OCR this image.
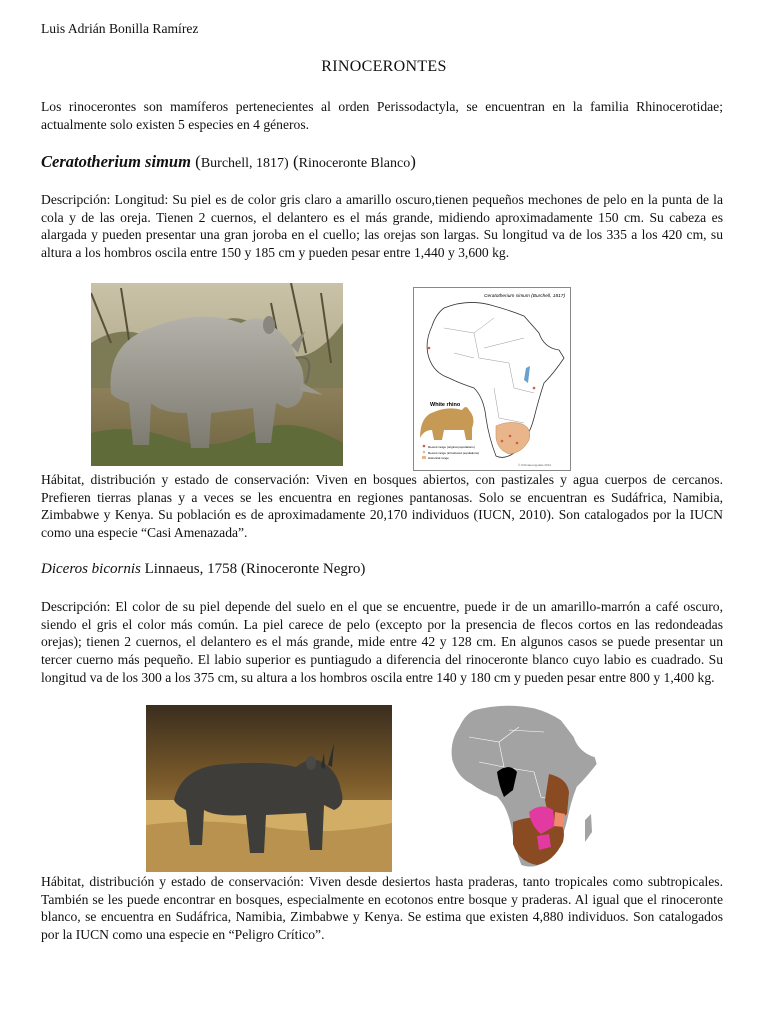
Luis Adrián Bonilla Ramírez
RINOCERONTES

Los rinocerontes son mamíferos pertenecientes al orden Perissodactyla, se encuentran en la familia Rhinocerotidae; actualmente solo existen 5 especies en 4 géneros.

Ceratotherium simum (Burchell, 1817) (Rinoceronte Blanco)

Descripción: Longitud: Su piel es de color gris claro a amarillo oscuro,tienen pequeños mechones de pelo en la punta de la cola y de las oreja. Tienen 2 cuernos, el delantero es el más grande, midiendo aproximadamente 150 cm. Su cabeza es alargada y pueden presentar una gran joroba en el cuello; las orejas son largas. Su longitud va de los 335 a los 420 cm, su altura a los hombros oscila entre 150 y 185 cm y pueden pesar entre 1,440 y 3,600 kg.

Ceratotherium simum (Burchell, 1817)
White rhino
Recent range (original populations)
Recent range (introduced populations)
Historical range
© Ultimateungulate 2012

Hábitat, distribución y estado de conservación: Viven en bosques abiertos, con pastizales y agua cuerpos de cercanos. Prefieren tierras planas y a veces se les encuentra en regiones pantanosas. Solo se encuentran es Sudáfrica, Namibia, Zimbabwe y Kenya. Su población es de aproximadamente 20,170 individuos (IUCN, 2010). Son catalogados por la IUCN como una especie “Casi Amenazada”.

Diceros bicornis Linnaeus, 1758 (Rinoceronte Negro)

Descripción: El color de su piel depende del suelo en el que se encuentre, puede ir de un amarillo-marrón a café oscuro, siendo el gris el color más común. La piel carece de pelo (excepto por la presencia de flecos cortos en las redondeadas orejas); tienen 2 cuernos, el delantero es el más grande, mide entre 42 y 128 cm. En algunos casos se puede presentar un tercer cuerno más pequeño. El labio superior es puntiagudo a diferencia del rinoceronte blanco cuyo labio es cuadrado. Su longitud va de los 300 a los 375 cm, su altura a los hombros oscila entre 140 y 180 cm y pueden pesar entre 800 y 1,400 kg.

Hábitat, distribución y estado de conservación: Viven desde desiertos hasta praderas, tanto tropicales como subtropicales. También se les puede encontrar en bosques, especialmente en ecotonos entre bosque y praderas. Al igual que el rinoceronte blanco, se encuentra en Sudáfrica, Namibia, Zimbabwe y Kenya. Se estima que existen 4,880 individuos. Son catalogados por la IUCN como una especie en “Peligro Crítico”.
